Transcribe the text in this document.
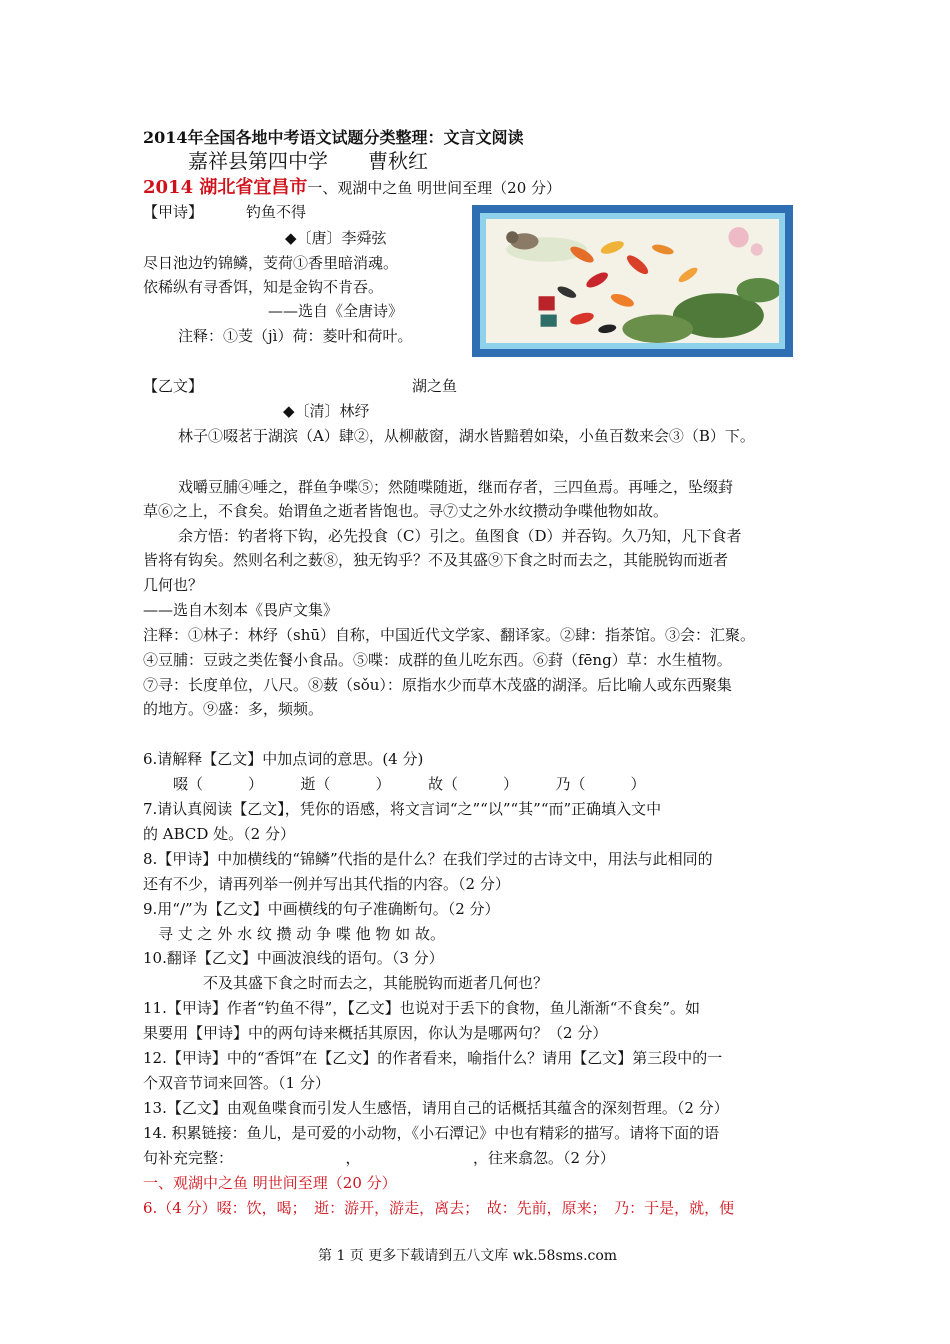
2014年全国各地中考语文试题分类整理：文言文阅读
嘉祥县第四中学　　曹秋红
2014 湖北省宜昌市一、观湖中之鱼 明世间至理（20 分）
【甲诗】	钓鱼不得
◆〔唐〕李舜弦
尽日池边钓锦鳞，芰荷①香里暗消魂。
依稀纵有寻香饵，知是金钩不肯吞。
——选自《全唐诗》
注释：①芰（jì）荷：菱叶和荷叶。
【乙文】	湖之鱼
◆〔清〕林纾
林子①啜茗于湖滨（A）肆②，从柳蔽窗，湖水皆黯碧如染，小鱼百数来会③（B）下。
戏嚼豆脯④唾之，群鱼争喋⑤；然随喋随逝，继而存者，三四鱼焉。再唾之，坠缀葑
草⑥之上，不食矣。始谓鱼之逝者皆饱也。寻⑦丈之外水纹攒动争喋他物如故。
余方悟：钓者将下钩，必先投食（C）引之。鱼图食（D）并吞钩。久乃知，凡下食者
皆将有钩矣。然则名利之薮⑧，独无钩乎？不及其盛⑨下食之时而去之，其能脱钩而逝者
几何也？
——选自木刻本《畏庐文集》
注释：①林子：林纾（shū）自称，中国近代文学家、翻译家。②肆：指茶馆。③会：汇聚。
④豆脯：豆豉之类佐餐小食品。⑤喋：成群的鱼儿吃东西。⑥葑（fēng）草：水生植物。
⑦寻：长度单位，八尺。⑧薮（sǒu）：原指水少而草木茂盛的湖泽。后比喻人或东西聚集
的地方。⑨盛：多，频频。
6.请解释【乙文】中加点词的意思。(4 分)
　　啜（　　　）　　　逝（　　　）　　　故（　　　）　　　乃（　　　）
7.请认真阅读【乙文】，凭你的语感，将文言词“之”“以”“其”“而”正确填入文中
的 ABCD 处。（2 分）
8.【甲诗】中加横线的“锦鳞”代指的是什么？在我们学过的古诗文中，用法与此相同的
还有不少，请再列举一例并写出其代指的内容。（2 分）
9.用“/”为【乙文】中画横线的句子准确断句。（2 分）
　寻 丈 之 外 水 纹 攒 动 争 喋 他 物 如 故。
10.翻译【乙文】中画波浪线的语句。（3 分）
　　　　不及其盛下食之时而去之，其能脱钩而逝者几何也？
11.【甲诗】作者“钓鱼不得”，【乙文】也说对于丢下的食物，鱼儿渐渐“不食矣”。如
果要用【甲诗】中的两句诗来概括其原因，你认为是哪两句？（2 分）
12.【甲诗】中的“香饵”在【乙文】的作者看来，喻指什么？请用【乙文】第三段中的一
个双音节词来回答。（1 分）
13.【乙文】由观鱼喋食而引发人生感悟，请用自己的话概括其蕴含的深刻哲理。（2 分）
14. 积累链接：鱼儿，是可爱的小动物，《小石潭记》中也有精彩的描写。请将下面的语
句补充完整：　　　　　　　　，　　　　　　　　，往来翕忽。（2 分）
一、观湖中之鱼 明世间至理（20 分）
6.（4 分）啜：饮，喝；　逝：游开，游走，离去；　故：先前，原来；　乃：于是，就，便
第 1 页 更多下载请到五八文库 wk.58sms.com
